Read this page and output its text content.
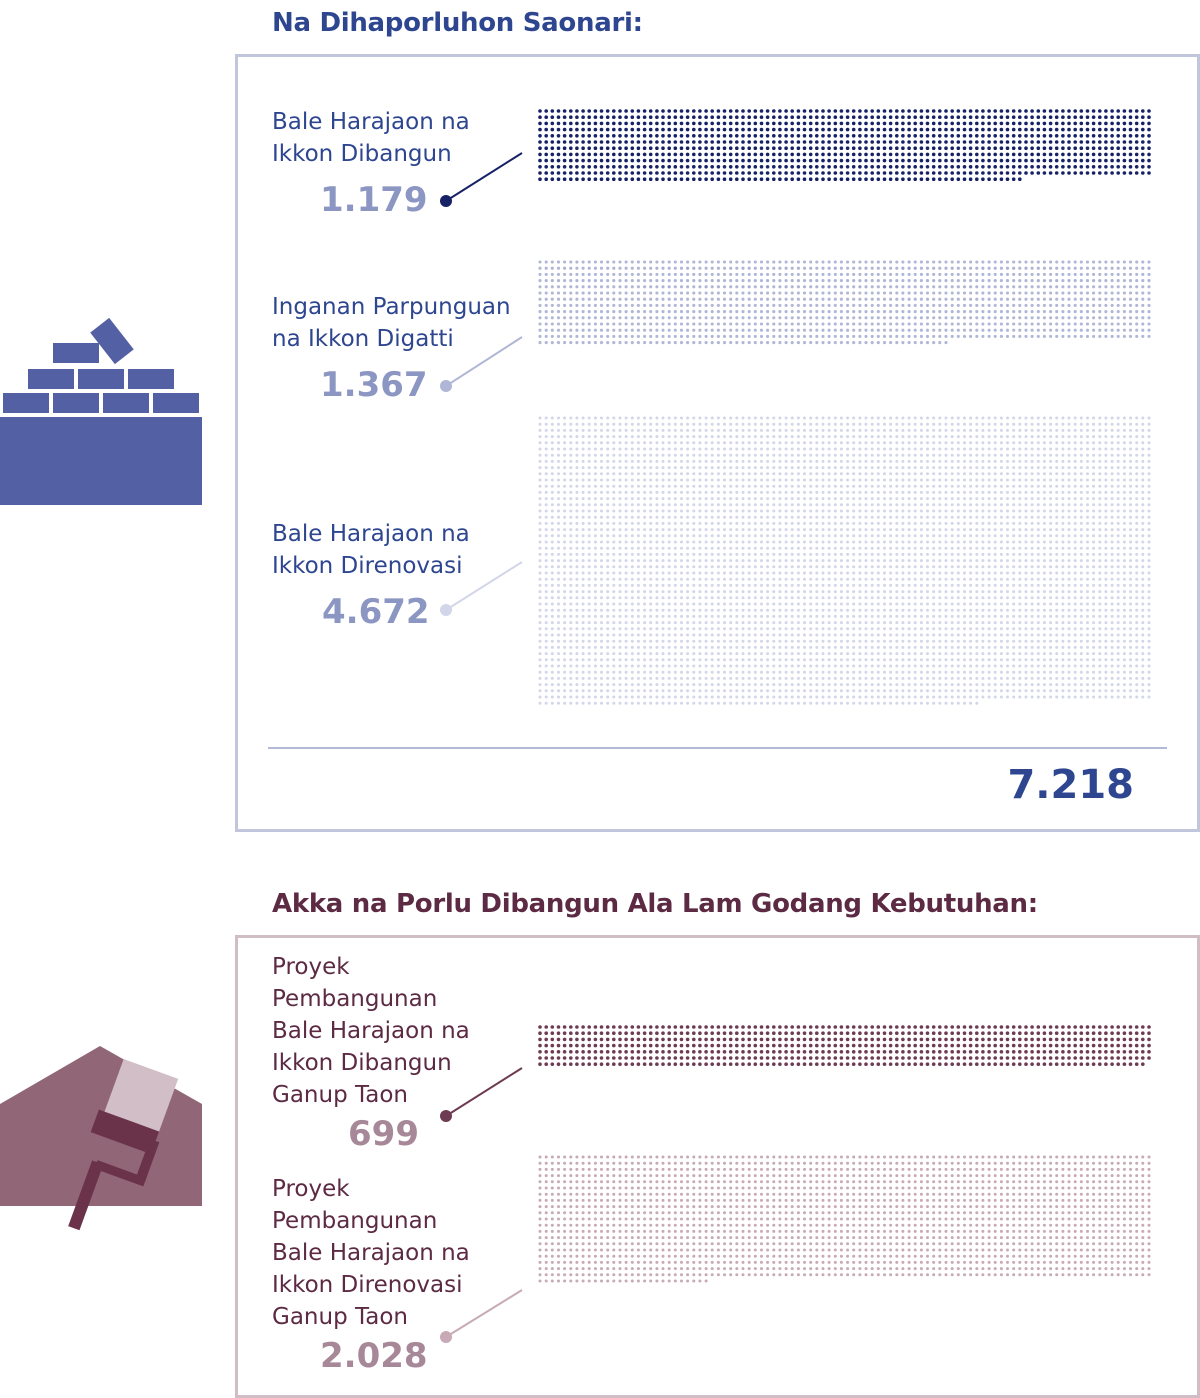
Na Dihaporluhon Saonari:
Bale Harajaon na
Ikkon Dibangun
1.179
Inganan Parpunguan
na Ikkon Digatti
1.367
Bale Harajaon na
Ikkon Direnovasi
4.672
7.218
Akka na Porlu Dibangun Ala Lam Godang Kebutuhan:
Proyek
Pembangunan
Bale Harajaon na
Ikkon Dibangun
Ganup Taon
699
Proyek
Pembangunan
Bale Harajaon na
Ikkon Direnovasi
Ganup Taon
2.028
